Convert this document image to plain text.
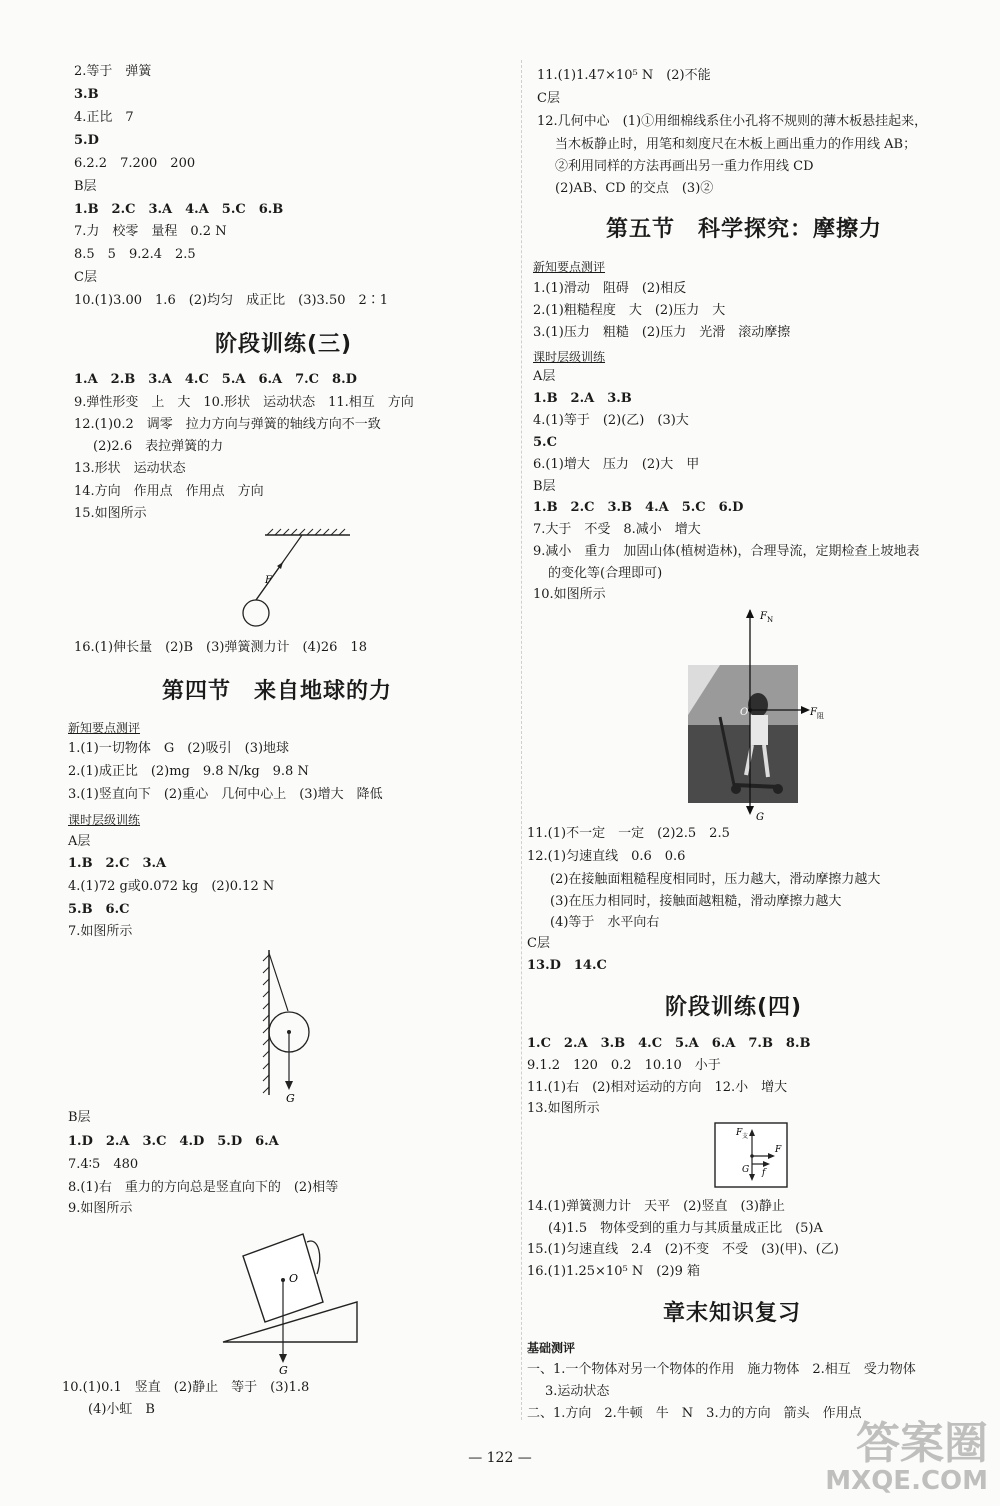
2.等于　弹簧
3.B
4.正比　7
5.D
6.2.2　7.200　200
B层
1.B　2.C　3.A　4.A　5.C　6.B
7.力　校零　量程　0.2 N
8.5　5　9.2.4　2.5
C层
10.(1)3.00　1.6　(2)均匀　成正比　(3)3.50　2∶1
阶段训练(三)
1.A　2.B　3.A　4.C　5.A　6.A　7.C　8.D
9.弹性形变　上　大　10.形状　运动状态　11.相互　方向
12.(1)0.2　调零　拉力方向与弹簧的轴线方向不一致
(2)2.6　表拉弹簧的力
13.形状　运动状态
14.方向　作用点　作用点　方向
15.如图所示
F
16.(1)伸长量　(2)B　(3)弹簧测力计　(4)26　18
第四节　来自地球的力
新知要点测评
1.(1)一切物体　G　(2)吸引　(3)地球
2.(1)成正比　(2)mg　9.8 N/kg　9.8 N
3.(1)竖直向下　(2)重心　几何中心上　(3)增大　降低
课时层级训练
A层
1.B　2.C　3.A
4.(1)72 g或0.072 kg　(2)0.12 N
5.B　6.C
7.如图所示
G
B层
1.D　2.A　3.C　4.D　5.D　6.A
7.4∶5　480
8.(1)右　重力的方向总是竖直向下的　(2)相等
9.如图所示
O
G
10.(1)0.1　竖直　(2)静止　等于　(3)1.8
(4)小虹　B
11.(1)1.47×10⁵ N　(2)不能
C层
12.几何中心　(1)①用细棉线系住小孔将不规则的薄木板悬挂起来，
当木板静止时，用笔和刻度尺在木板上画出重力的作用线 AB；
②利用同样的方法再画出另一重力作用线 CD
(2)AB、CD 的交点　(3)②
第五节　科学探究：摩擦力
新知要点测评
1.(1)滑动　阻碍　(2)相反
2.(1)粗糙程度　大　(2)压力　大
3.(1)压力　粗糙　(2)压力　光滑　滚动摩擦
课时层级训练
A层
1.B　2.A　3.B
4.(1)等于　(2)(乙)　(3)大
5.C
6.(1)增大　压力　(2)大　甲
B层
1.B　2.C　3.B　4.A　5.C　6.D
7.大于　不受　8.减小　增大
9.减小　重力　加固山体(植树造林)，合理导流，定期检查上坡地表
的变化等(合理即可)
10.如图所示
F N
O	F 阻
G
11.(1)不一定　一定　(2)2.5　2.5
12.(1)匀速直线　0.6　0.6
(2)在接触面粗糙程度相同时，压力越大，滑动摩擦力越大
(3)在压力相同时，接触面越粗糙，滑动摩擦力越大
(4)等于　水平向右
C层
13.D　14.C
阶段训练(四)
1.C　2.A　3.B　4.C　5.A　6.A　7.B　8.B
9.1.2　120　0.2　10.10　小于
11.(1)右　(2)相对运动的方向　12.小　增大
13.如图所示
F 支
F
G f
14.(1)弹簧测力计　天平　(2)竖直　(3)静止
(4)1.5　物体受到的重力与其质量成正比　(5)A
15.(1)匀速直线　2.4　(2)不变　不受　(3)(甲)、(乙)
16.(1)1.25×10⁵ N　(2)9 箱
章末知识复习
基础测评
一、1.一个物体对另一个物体的作用　施力物体　2.相互　受力物体
3.运动状态
二、1.方向　2.牛顿　牛　N　3.力的方向　箭头　作用点
— 122 —	答案圈
MXQE.COM
